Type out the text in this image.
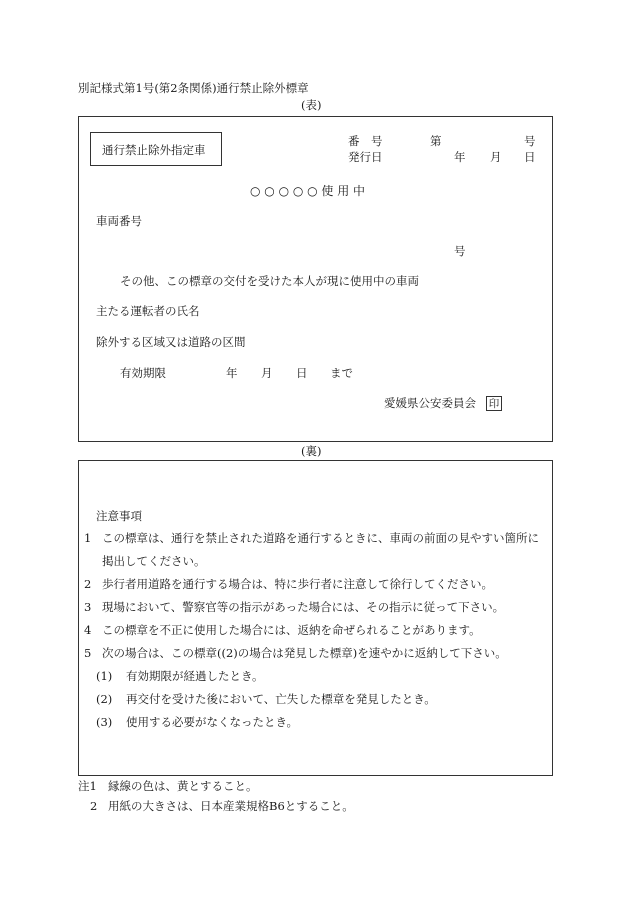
別記様式第1号(第2条関係)通行禁止除外標章
(表)
通行禁止除外指定車
番　号	第	号
発行日	年 月 日
○ ○ ○ ○ ○ 使 用 中
車両番号
号
その他、この標章の交付を受けた本人が現に使用中の車両
主たる運転者の氏名
除外する区域又は道路の区間
有効期限	年 月 日 まで
愛媛県公安委員会 印
(裏)
注意事項
1 この標章は、通行を禁止された道路を通行するときに、車両の前面の見やすい箇所に
掲出してください。
2 歩行者用道路を通行する場合は、特に歩行者に注意して徐行してください。
3 現場において、警察官等の指示があった場合には、その指示に従って下さい。
4 この標章を不正に使用した場合には、返納を命ぜられることがあります。
5 次の場合は、この標章((2)の場合は発見した標章)を速やかに返納して下さい。
(1) 有効期限が経過したとき。
(2) 再交付を受けた後において、亡失した標章を発見したとき。
(3) 使用する必要がなくなったとき。
注1 縁線の色は、黄とすること。
2 用紙の大きさは、日本産業規格B6とすること。
